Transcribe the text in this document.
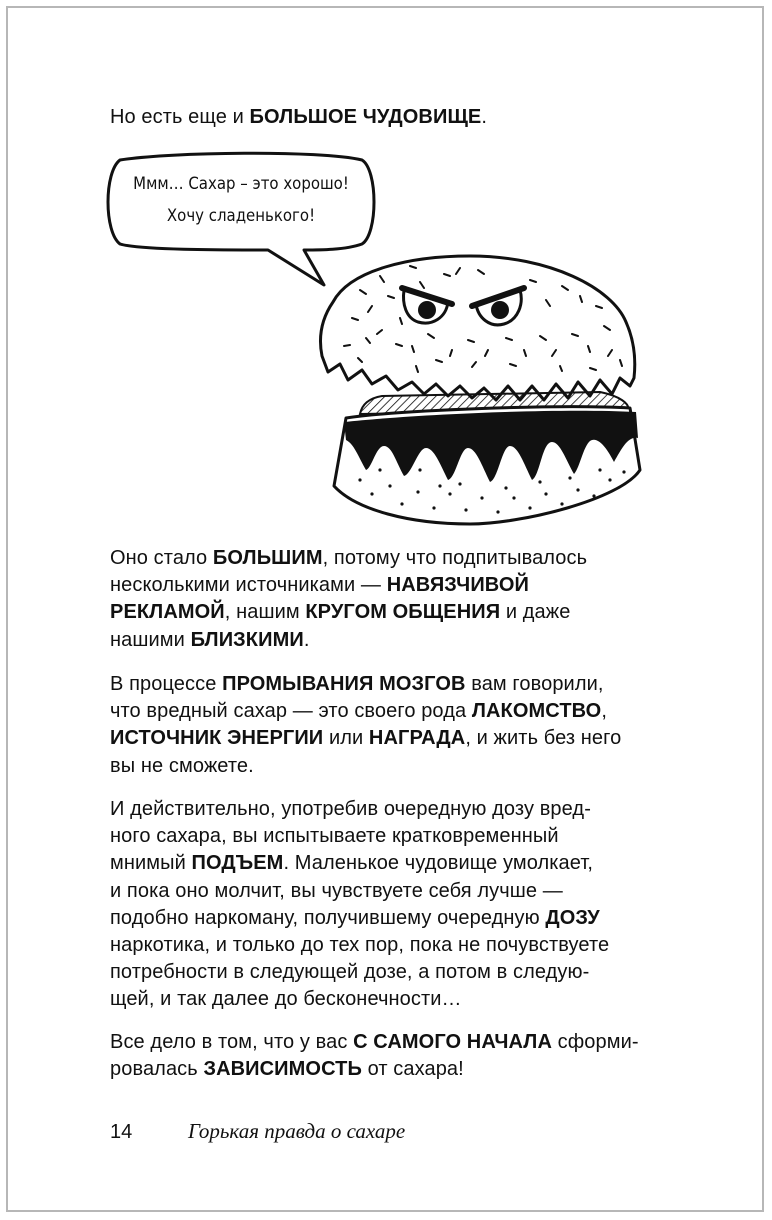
Но есть еще и БОЛЬШОЕ ЧУДОВИЩЕ.
Ммм… Сахар – это хорошо!
Хочу сладенького!
Оно стало БОЛЬШИМ, потому что подпитывалось
несколькими источниками — НАВЯЗЧИВОЙ
РЕКЛАМОЙ, нашим КРУГОМ ОБЩЕНИЯ и даже
нашими БЛИЗКИМИ.
В процессе ПРОМЫВАНИЯ МОЗГОВ вам говорили,
что вредный сахар — это своего рода ЛАКОМСТВО,
ИСТОЧНИК ЭНЕРГИИ или НАГРАДА, и жить без него
вы не сможете.
И действительно, употребив очередную дозу вред-
ного сахара, вы испытываете кратковременный
мнимый ПОДЪЕМ. Маленькое чудовище умолкает,
и пока оно молчит, вы чувствуете себя лучше —
подобно наркоману, получившему очередную ДОЗУ
наркотика, и только до тех пор, пока не почувствуете
потребности в следующей дозе, а потом в следую-
щей, и так далее до бесконечности…
Все дело в том, что у вас С САМОГО НАЧАЛА сформи-
ровалась ЗАВИСИМОСТЬ от сахара!
14	Горькая правда о сахаре
